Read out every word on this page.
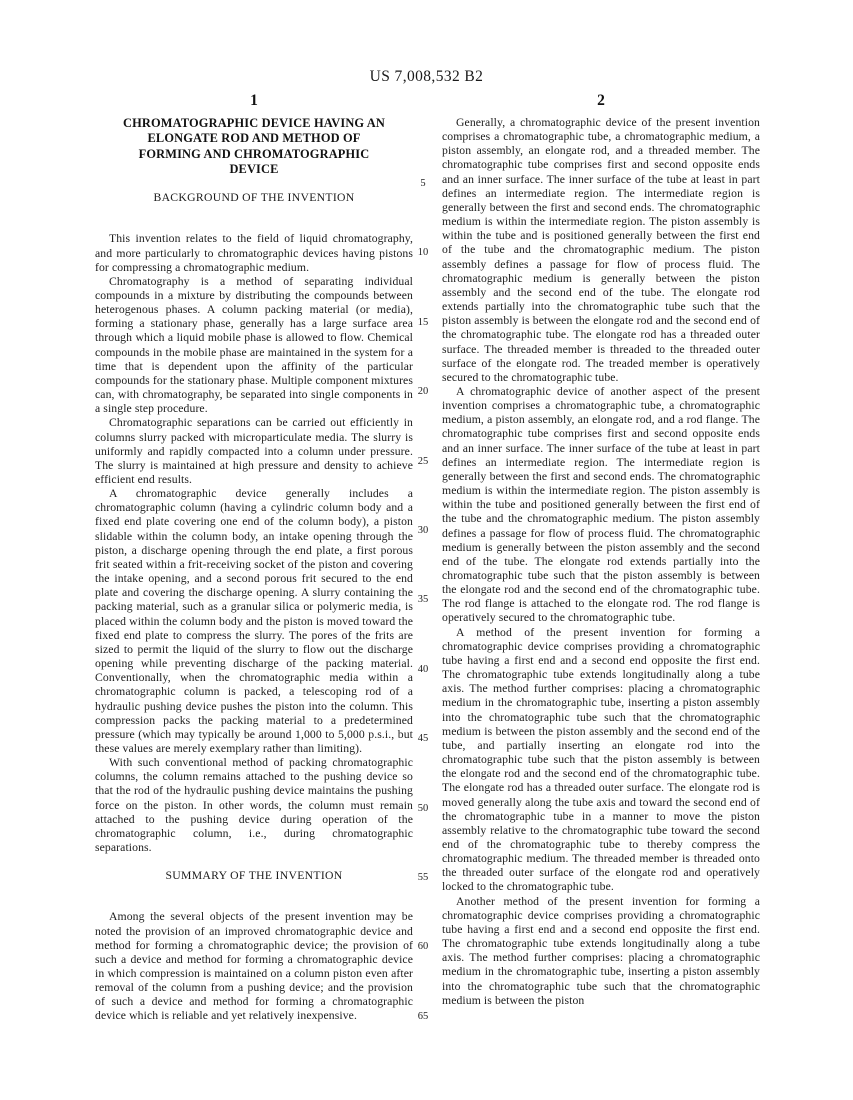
US 7,008,532 B2
1
CHROMATOGRAPHIC DEVICE HAVING AN
ELONGATE ROD AND METHOD OF
FORMING AND CHROMATOGRAPHIC
DEVICE
BACKGROUND OF THE INVENTION

This invention relates to the field of liquid chromatography, and more particularly to chromatographic devices having pistons for compressing a chromatographic medium.

Chromatography is a method of separating individual compounds in a mixture by distributing the compounds between heterogenous phases. A column packing material (or media), forming a stationary phase, generally has a large surface area through which a liquid mobile phase is allowed to flow. Chemical compounds in the mobile phase are maintained in the system for a time that is dependent upon the affinity of the particular compounds for the stationary phase. Multiple component mixtures can, with chromatography, be separated into single components in a single step procedure.

Chromatographic separations can be carried out efficiently in columns slurry packed with microparticulate media. The slurry is uniformly and rapidly compacted into a column under pressure. The slurry is maintained at high pressure and density to achieve efficient end results.

A chromatographic device generally includes a chromatographic column (having a cylindric column body and a fixed end plate covering one end of the column body), a piston slidable within the column body, an intake opening through the piston, a discharge opening through the end plate, a first porous frit seated within a frit-receiving socket of the piston and covering the intake opening, and a second porous frit secured to the end plate and covering the discharge opening. A slurry containing the packing material, such as a granular silica or polymeric media, is placed within the column body and the piston is moved toward the fixed end plate to compress the slurry. The pores of the frits are sized to permit the liquid of the slurry to flow out the discharge opening while preventing discharge of the packing material. Conventionally, when the chromatographic media within a chromatographic column is packed, a telescoping rod of a hydraulic pushing device pushes the piston into the column. This compression packs the packing material to a predetermined pressure (which may typically be around 1,000 to 5,000 p.s.i., but these values are merely exemplary rather than limiting).

With such conventional method of packing chromatographic columns, the column remains attached to the pushing device so that the rod of the hydraulic pushing device maintains the pushing force on the piston. In other words, the column must remain attached to the pushing device during operation of the chromatographic column, i.e., during chromatographic separations.

SUMMARY OF THE INVENTION

Among the several objects of the present invention may be noted the provision of an improved chromatographic device and method for forming a chromatographic device; the provision of such a device and method for forming a chromatographic device in which compression is maintained on a column piston even after removal of the column from a pushing device; and the provision of such a device and method for forming a chromatographic device which is reliable and yet relatively inexpensive.

2

Generally, a chromatographic device of the present invention comprises a chromatographic tube, a chromatographic medium, a piston assembly, an elongate rod, and a threaded member. The chromatographic tube comprises first and second opposite ends and an inner surface. The inner surface of the tube at least in part defines an intermediate region. The intermediate region is generally between the first and second ends. The chromatographic medium is within the intermediate region. The piston assembly is within the tube and is positioned generally between the first end of the tube and the chromatographic medium. The piston assembly defines a passage for flow of process fluid. The chromatographic medium is generally between the piston assembly and the second end of the tube. The elongate rod extends partially into the chromatographic tube such that the piston assembly is between the elongate rod and the second end of the chromatographic tube. The elongate rod has a threaded outer surface. The threaded member is threaded to the threaded outer surface of the elongate rod. The treaded member is operatively secured to the chromatographic tube.

A chromatographic device of another aspect of the present invention comprises a chromatographic tube, a chromatographic medium, a piston assembly, an elongate rod, and a rod flange. The chromatographic tube comprises first and second opposite ends and an inner surface. The inner surface of the tube at least in part defines an intermediate region. The intermediate region is generally between the first and second ends. The chromatographic medium is within the intermediate region. The piston assembly is within the tube and positioned generally between the first end of the tube and the chromatographic medium. The piston assembly defines a passage for flow of process fluid. The chromatographic medium is generally between the piston assembly and the second end of the tube. The elongate rod extends partially into the chromatographic tube such that the piston assembly is between the elongate rod and the second end of the chromatographic tube. The rod flange is attached to the elongate rod. The rod flange is operatively secured to the chromatographic tube.

A method of the present invention for forming a chromatographic device comprises providing a chromatographic tube having a first end and a second end opposite the first end. The chromatographic tube extends longitudinally along a tube axis. The method further comprises: placing a chromatographic medium in the chromatographic tube, inserting a piston assembly into the chromatographic tube such that the chromatographic medium is between the piston assembly and the second end of the tube, and partially inserting an elongate rod into the chromatographic tube such that the piston assembly is between the elongate rod and the second end of the chromatographic tube. The elongate rod has a threaded outer surface. The elongate rod is moved generally along the tube axis and toward the second end of the chromatographic tube in a manner to move the piston assembly relative to the chromatographic tube toward the second end of the chromatographic tube to thereby compress the chromatographic medium. The threaded member is threaded onto the threaded outer surface of the elongate rod and operatively locked to the chromatographic tube.

Another method of the present invention for forming a chromatographic device comprises providing a chromatographic tube having a first end and a second end opposite the first end. The chromatographic tube extends longitudinally along a tube axis. The method further comprises: placing a chromatographic medium in the chromatographic tube, inserting a piston assembly into the chromatographic tube such that the chromatographic medium is between the piston

5
10
15
20
25
30
35
40
45
50
55
60
65
